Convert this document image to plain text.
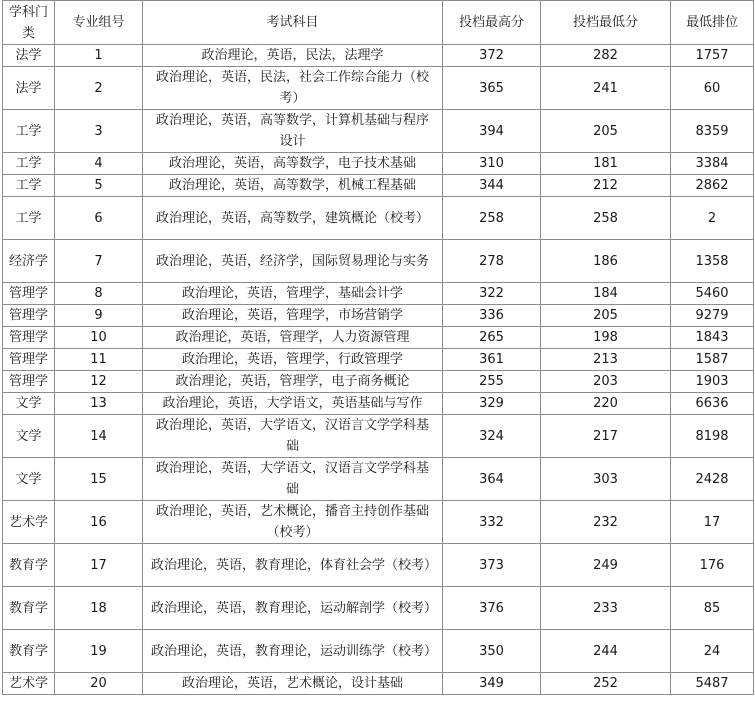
学科门类	专业组号	考试科目	投档最高分	投档最低分	最低排位
法学	1	政治理论，英语，民法，法理学	372	282	1757
法学	2	政治理论，英语，民法，社会工作综合能力（校考）	365	241	60
工学	3	政治理论，英语，高等数学，计算机基础与程序设计	394	205	8359
工学	4	政治理论，英语，高等数学，电子技术基础	310	181	3384
工学	5	政治理论，英语，高等数学，机械工程基础	344	212	2862
工学	6	政治理论，英语，高等数学，建筑概论（校考）	258	258	2
经济学	7	政治理论，英语，经济学，国际贸易理论与实务	278	186	1358
管理学	8	政治理论，英语，管理学，基础会计学	322	184	5460
管理学	9	政治理论，英语，管理学，市场营销学	336	205	9279
管理学	10	政治理论，英语，管理学，人力资源管理	265	198	1843
管理学	11	政治理论，英语，管理学，行政管理学	361	213	1587
管理学	12	政治理论，英语，管理学，电子商务概论	255	203	1903
文学	13	政治理论，英语，大学语文，英语基础与写作	329	220	6636
文学	14	政治理论，英语，大学语文，汉语言文学学科基础	324	217	8198
文学	15	政治理论，英语，大学语文，汉语言文学学科基础	364	303	2428
艺术学	16	政治理论，英语，艺术概论，播音主持创作基础（校考）	332	232	17
教育学	17	政治理论，英语，教育理论，体育社会学（校考）	373	249	176
教育学	18	政治理论，英语，教育理论，运动解剖学（校考）	376	233	85
教育学	19	政治理论，英语，教育理论，运动训练学（校考）	350	244	24
艺术学	20	政治理论，英语，艺术概论，设计基础	349	252	5487
